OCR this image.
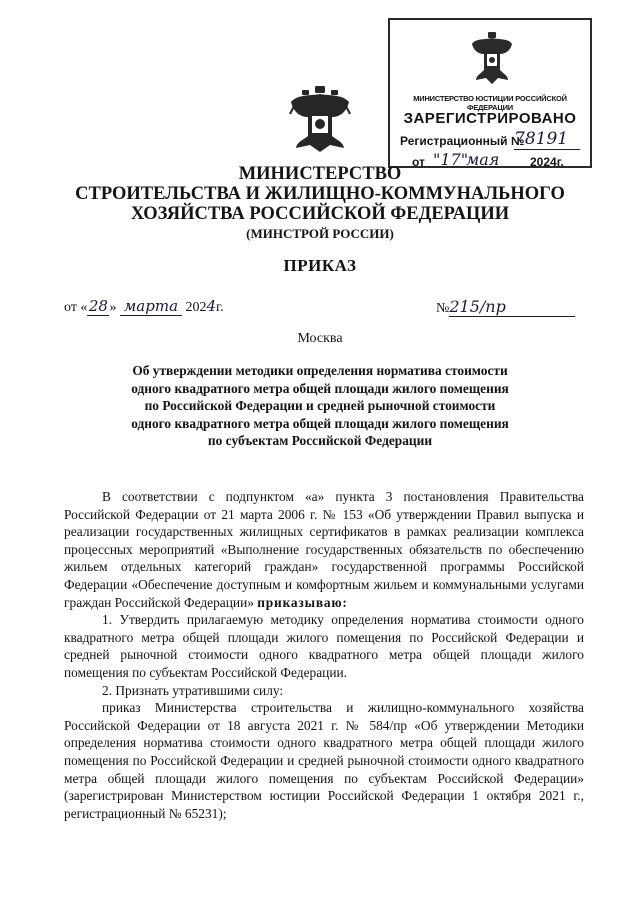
МИНИСТЕРСТВО ЮСТИЦИИ РОССИЙСКОЙ ФЕДЕРАЦИИ
ЗАРЕГИСТРИРОВАНО
Регистрационный №
78191
от "17"
мая	2024г.
МИНИСТЕРСТВО
СТРОИТЕЛЬСТВА И ЖИЛИЩНО-КОММУНАЛЬНОГО
ХОЗЯЙСТВА РОССИЙСКОЙ ФЕДЕРАЦИИ
(МИНСТРОЙ РОССИИ)
ПРИКАЗ
от «28» марта 2024г.	№215/пр
Москва
Об утверждении методики определения норматива стоимости
одного квадратного метра общей площади жилого помещения
по Российской Федерации и средней рыночной стоимости
одного квадратного метра общей площади жилого помещения
по субъектам Российской Федерации

В соответствии с подпунктом «а» пункта 3 постановления Правительства Российской Федерации от 21 марта 2006 г. № 153 «Об утверждении Правил выпуска и реализации государственных жилищных сертификатов в рамках реализации комплекса процессных мероприятий «Выполнение государственных обязательств по обеспечению жильем отдельных категорий граждан» государственной программы Российской Федерации «Обеспечение доступным и комфортным жильем и коммунальными услугами граждан Российской Федерации» приказываю:

1. Утвердить прилагаемую методику определения норматива стоимости одного квадратного метра общей площади жилого помещения по Российской Федерации и средней рыночной стоимости одного квадратного метра общей площади жилого помещения по субъектам Российской Федерации.

2. Признать утратившими силу:

приказ Министерства строительства и жилищно-коммунального хозяйства Российской Федерации от 18 августа 2021 г. № 584/пр «Об утверждении Методики определения норматива стоимости одного квадратного метра общей площади жилого помещения по Российской Федерации и средней рыночной стоимости одного квадратного метра общей площади жилого помещения по субъектам Российской Федерации» (зарегистрирован Министерством юстиции Российской Федерации 1 октября 2021 г., регистрационный № 65231);
